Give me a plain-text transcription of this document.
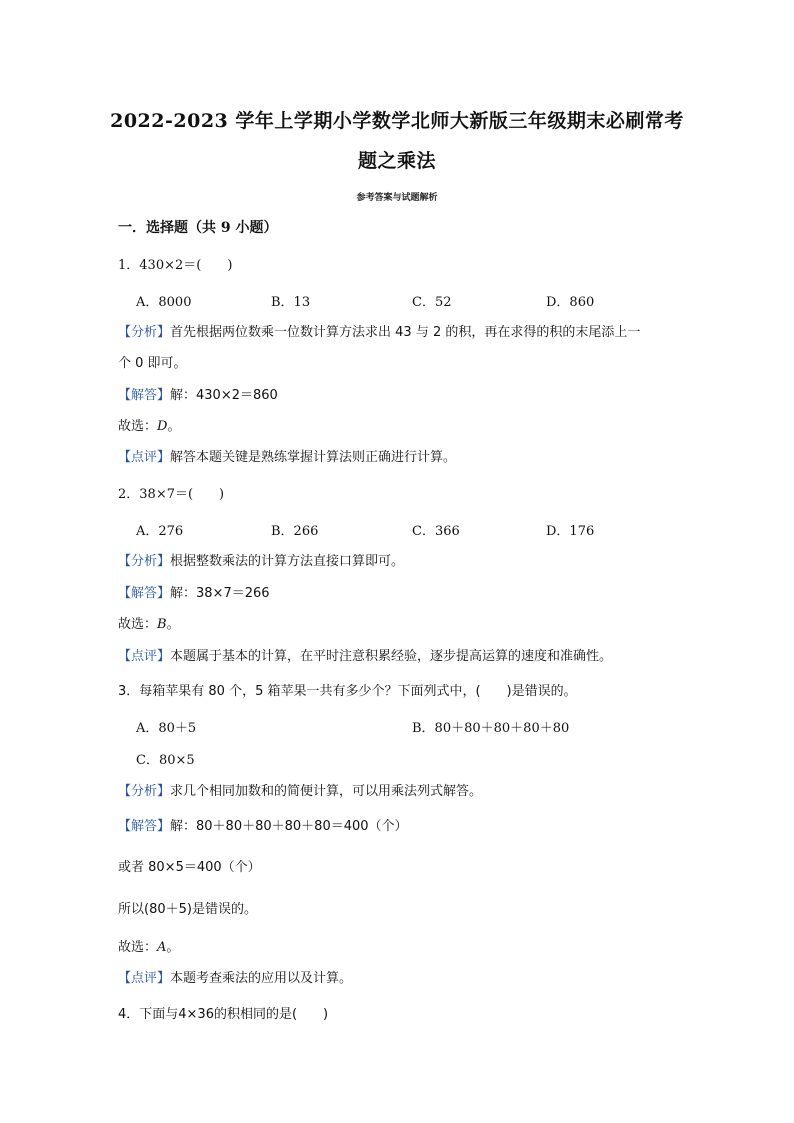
2022-2023 学年上学期小学数学北师大新版三年级期末必刷常考
题之乘法
参考答案与试题解析
一．选择题（共 9 小题）
1．430×2＝(　　)
A．8000	B．13	C．52	D．860
【分析】首先根据两位数乘一位数计算方法求出 43 与 2 的积，再在求得的积的末尾添上一
个 0 即可。
【解答】解：430×2＝860
故选：D。
【点评】解答本题关键是熟练掌握计算法则正确进行计算。
2．38×7＝(　　)
A．276	B．266	C．366	D．176
【分析】根据整数乘法的计算方法直接口算即可。
【解答】解：38×7＝266
故选：B。
【点评】本题属于基本的计算，在平时注意积累经验，逐步提高运算的速度和准确性。
3．每箱苹果有 80 个，5 箱苹果一共有多少个？下面列式中，(　　)是错误的。
A．80＋5	B．80＋80＋80＋80＋80
C．80×5
【分析】求几个相同加数和的简便计算，可以用乘法列式解答。
【解答】解：80＋80＋80＋80＋80＝400（个）
或者 80×5＝400（个）
所以(80＋5)是错误的。
故选：A。
【点评】本题考查乘法的应用以及计算。
4．下面与4×36的积相同的是(　　)
